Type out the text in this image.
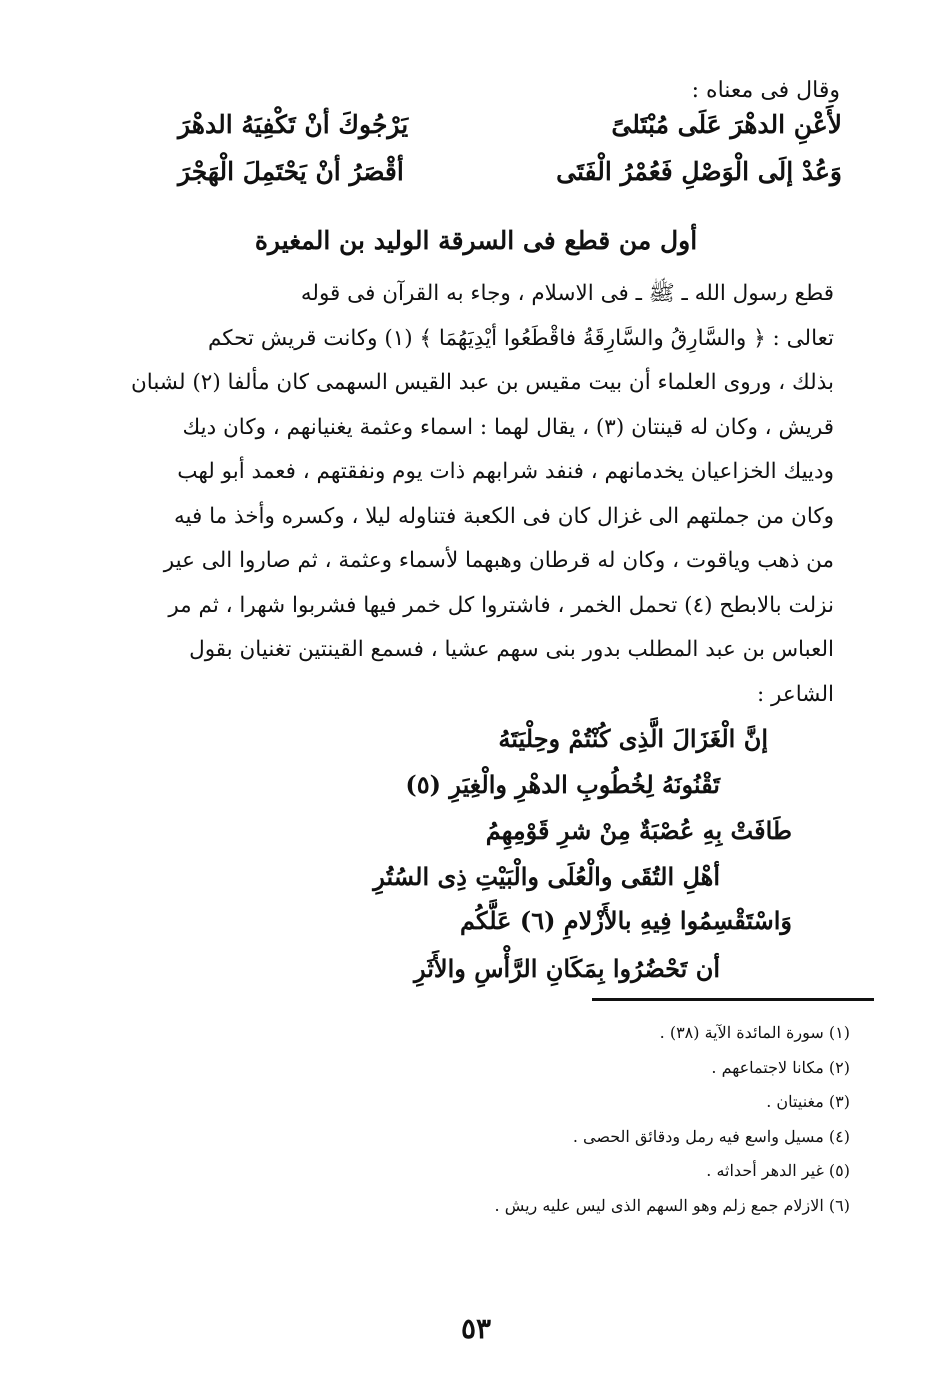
وقال فى معناه :
لأَعْنِ الدهْرَ عَلَى مُبْتَلىً
يَرْجُوكَ أنْ تَكْفِيَهُ الدهْرَ
وَعُدْ إلَى الْوَصْلِ فَعُمْرُ الْفَتَى
أقْصَرُ أنْ يَحْتَمِلَ الْهَجْرَ
أول من قطع فى السرقة الوليد بن المغيرة

قطع رسول الله ـ ﷺ ـ فى الاسلام ، وجاء به القرآن فى قوله

تعالى : ﴿ والسَّارِقُ والسَّارِقَةُ فاقْطَعُوا أيْدِيَهُمَا ﴾ (١) وكانت قريش تحكم

بذلك ، وروى العلماء أن بيت مقيس بن عبد القيس السهمى كان مألفا (٢) لشبان

قريش ، وكان له قينتان (٣) ، يقال لهما : اسماء وعثمة يغنيانهم ، وكان ديك

ودييك الخزاعيان يخدمانهم ، فنفد شرابهم ذات يوم ونفقتهم ، فعمد أبو لهب

وكان من جملتهم الى غزال كان فى الكعبة فتناوله ليلا ، وكسره وأخذ ما فيه

من ذهب وياقوت ، وكان له قرطان وهبهما لأسماء وعثمة ، ثم صاروا الى عير

نزلت بالابطح (٤) تحمل الخمر ، فاشتروا كل خمر فيها فشربوا شهرا ، ثم مر

العباس بن عبد المطلب بدور بنى سهم عشيا ، فسمع القينتين تغنيان بقول

الشاعر :

إنَّ الْغَزَالَ الَّذِى كُنْتُمْ وحِلْيَتَهُ
تَقْنُونَهُ لِخُطُوبِ الدهْرِ والْغِيَرِ (٥)
طَافَتْ بِهِ عُصْبَةٌ مِنْ شرِ قَوْمِهِمُ
أهْلِ التُقَى والْعُلَى والْبَيْتِ ذِى السُتُرِ
وَاسْتَقْسِمُوا فِيهِ بالأَزْلامِ (٦) عَلَّكُم
أن تَحْضُرُوا بِمَكَانِ الرَّأْسِ والأَثَرِ
(١) سورة المائدة الآية (٣٨) .
(٢) مكانا لاجتماعهم .
(٣) مغنيتان .
(٤) مسيل واسع فيه رمل ودقائق الحصى .
(٥) غير الدهر أحداثه .
(٦) الازلام جمع زلم وهو السهم الذى ليس عليه ريش .
٥٣
